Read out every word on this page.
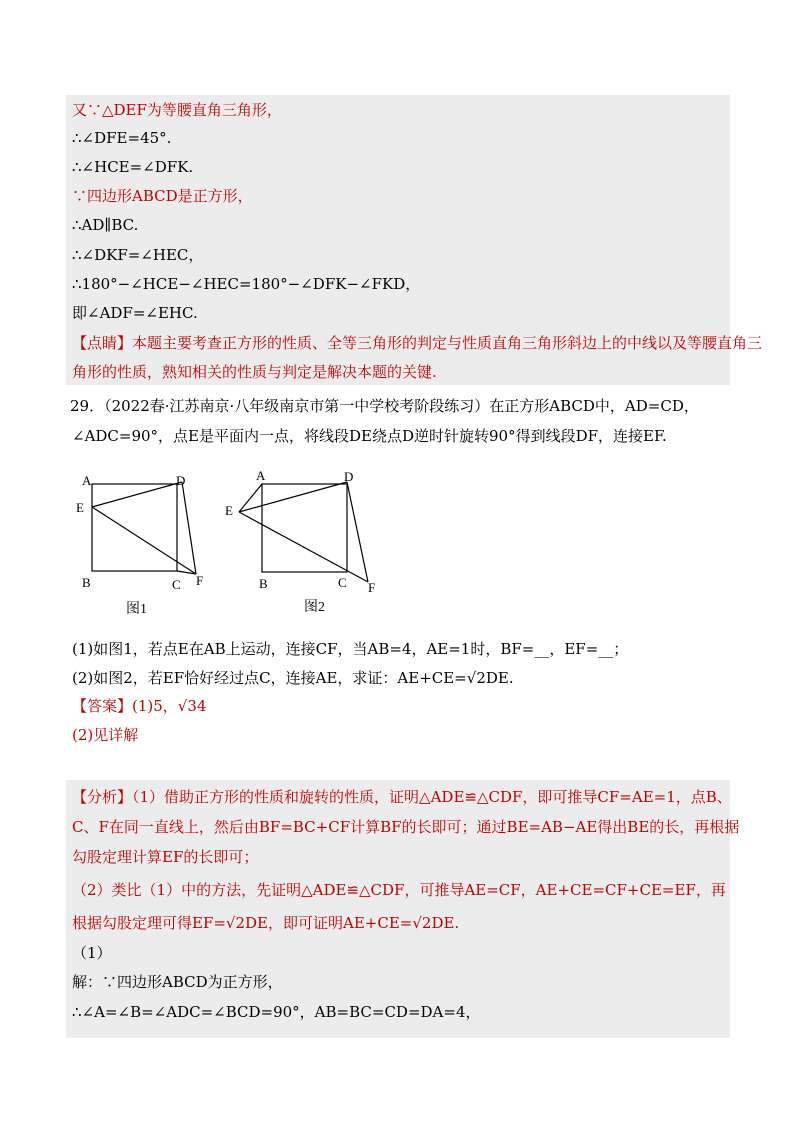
又∵△DEF为等腰直角三角形，
∴∠DFE=45°.
∴∠HCE=∠DFK.
∵四边形ABCD是正方形，
∴AD∥BC.
∴∠DKF=∠HEC，
∴180°−∠HCE−∠HEC=180°−∠DFK−∠FKD，
即∠ADF=∠EHC.
【点睛】本题主要考查正方形的性质、全等三角形的判定与性质直角三角形斜边上的中线以及等腰直角三
角形的性质，熟知相关的性质与判定是解决本题的关键.
29．（2022春·江苏南京·八年级南京市第一中学校考阶段练习）在正方形ABCD中，AD=CD，
∠ADC=90°，点E是平面内一点，将线段DE绕点D逆时针旋转90°得到线段DF，连接EF.
A	D
E
B	C F
图1
A	D
E
B	C F
图2
(1)如图1，若点E在AB上运动，连接CF，当AB=4，AE=1时，BF=__，EF=__；
(2)如图2，若EF恰好经过点C，连接AE，求证：AE+CE=√2DE.
【答案】(1)5，√34
(2)见详解
【分析】（1）借助正方形的性质和旋转的性质，证明△ADE≌△CDF，即可推导CF=AE=1，点B、
C、F在同一直线上，然后由BF=BC+CF计算BF的长即可；通过BE=AB−AE得出BE的长，再根据
勾股定理计算EF的长即可；
（2）类比（1）中的方法，先证明△ADE≌△CDF，可推导AE=CF，AE+CE=CF+CE=EF，再
根据勾股定理可得EF=√2DE，即可证明AE+CE=√2DE.
（1）
解：∵四边形ABCD为正方形，
∴∠A=∠B=∠ADC=∠BCD=90°，AB=BC=CD=DA=4，
